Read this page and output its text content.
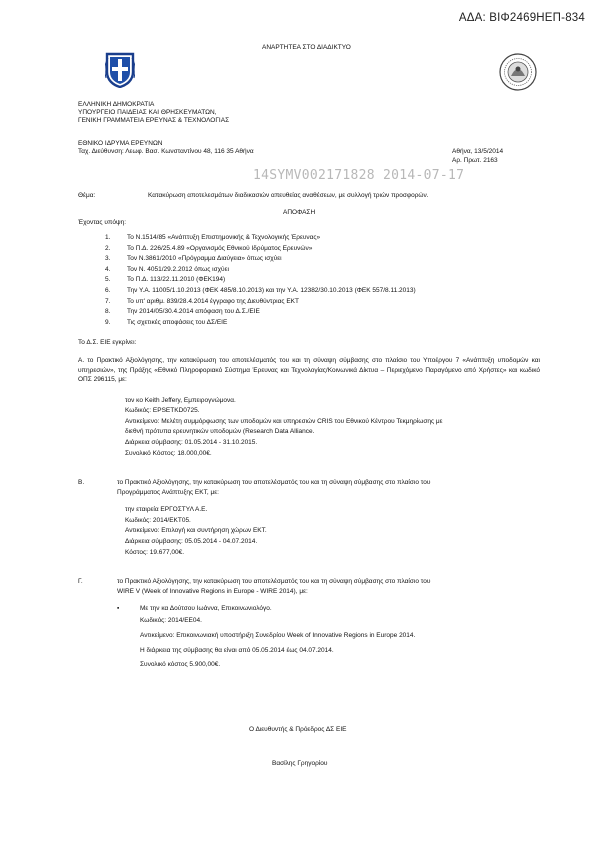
ΑΔΑ: ΒΙΦ2469ΗΕΠ-834
ΑΝΑΡΤΗΤΕΑ ΣΤΟ ΔΙΑΔΙΚΤΥΟ
ΕΛΛΗΝΙΚΗ ΔΗΜΟΚΡΑΤΙΑ
ΥΠΟΥΡΓΕΙΟ ΠΑΙΔΕΙΑΣ ΚΑΙ ΘΡΗΣΚΕΥΜΑΤΩΝ,
ΓΕΝΙΚΗ ΓΡΑΜΜΑΤΕΙΑ ΕΡΕΥΝΑΣ & ΤΕΧΝΟΛΟΓΙΑΣ
ΕΘΝΙΚΟ ΙΔΡΥΜΑ ΕΡΕΥΝΩΝ
Ταχ. Διεύθυνση: Λεωφ. Βασ. Κωνσταντίνου 48, 116 35 Αθήνα	Αθήνα, 13/5/2014
Αρ. Πρωτ. 2163
14SYMV002171828 2014-07-17
Θέμα:	Κατακύρωση αποτελεσμάτων διαδικασιών απευθείας αναθέσεων, με συλλογή τριών προσφορών.
ΑΠΟΦΑΣΗ
Έχοντας υπόψη:
1.	Το Ν.1514/85 «Ανάπτυξη Επιστημονικής & Τεχνολογικής Έρευνας»
2.	Το Π.Δ. 226/25.4.89 «Οργανισμός Εθνικού Ιδρύματος Ερευνών»
3.	Τον Ν.3861/2010 «Πρόγραμμα Διαύγεια» όπως ισχύει
4.	Τον Ν. 4051/29.2.2012 όπως ισχύει
5.	Το Π.Δ. 113/22.11.2010 (ΦΕΚ194)
6.	Την Υ.Α. 11005/1.10.2013 (ΦΕΚ 485/8.10.2013) και την Υ.Α. 12382/30.10.2013 (ΦΕΚ 557/8.11.2013)
7.	Το υπ' αριθμ. 839/28.4.2014 έγγραφο της Διευθύντριας ΕΚΤ
8.	Την 2014/05/30.4.2014 απόφαση του Δ.Σ./ΕΙΕ
9.	Τις σχετικές αποφάσεις του ΔΣ/ΕΙΕ
Το Δ.Σ. ΕΙΕ εγκρίνει:
Α. το Πρακτικό Αξιολόγησης, την κατακύρωση του αποτελέσματός του και τη σύναψη σύμβασης στο πλαίσιο του Υποέργου 7 «Ανάπτυξη υποδομών και υπηρεσιών», της Πράξης «Εθνικό Πληροφοριακό Σύστημα Έρευνας και Τεχνολογίας/Κοινωνικά Δίκτυα – Περιεχόμενο Παραγόμενο από Χρήστες» και κωδικό ΟΠΣ 296115, με:
τον κο Keith Jeffery, Εμπειρογνώμονα.
Κωδικός: EPSETKD0725.
Αντικείμενο: Μελέτη συμμόρφωσης των υποδομών και υπηρεσιών CRIS του Εθνικού Κέντρου Τεκμηρίωσης με
διεθνή πρότυπα ερευνητικών υποδομών (Research Data Alliance.
Διάρκεια σύμβασης: 01.05.2014 - 31.10.2015.
Συνολικό Κόστος: 18.000,00€.
Β.	το Πρακτικό Αξιολόγησης, την κατακύρωση του αποτελέσματός του και τη σύναψη σύμβασης στο πλαίσιο του
Προγράμματος Ανάπτυξης ΕΚΤ, με:
την εταιρεία ΕΡΓΟΣΤΥΛ Α.Ε.
Κωδικός: 2014/ΕΚΤ05.
Αντικείμενο: Επιλογή και συντήρηση χώρων ΕΚΤ.
Διάρκεια σύμβασης: 05.05.2014 - 04.07.2014.
Κόστος: 19.677,00€.
Γ.	το Πρακτικό Αξιολόγησης, την κατακύρωση του αποτελέσματός του και τη σύναψη σύμβασης στο πλαίσιο του
WIRE V (Week of Innovative Regions in Europe - WIRE 2014), με:
▪	Με την κα Δούτσου Ιωάννα, Επικοινωνιολόγο.
Κωδικός: 2014/ΕΕ04.
Αντικείμενο: Επικοινωνιακή υποστήριξη Συνεδρίου Week of Innovative Regions in Europe 2014.
Η διάρκεια της σύμβασης θα είναι από 05.05.2014 έως 04.07.2014.
Συνολικό κόστος 5.900,00€.
Ο Διευθυντής & Πρόεδρος ΔΣ ΕΙΕ
Βασίλης Γρηγορίου
